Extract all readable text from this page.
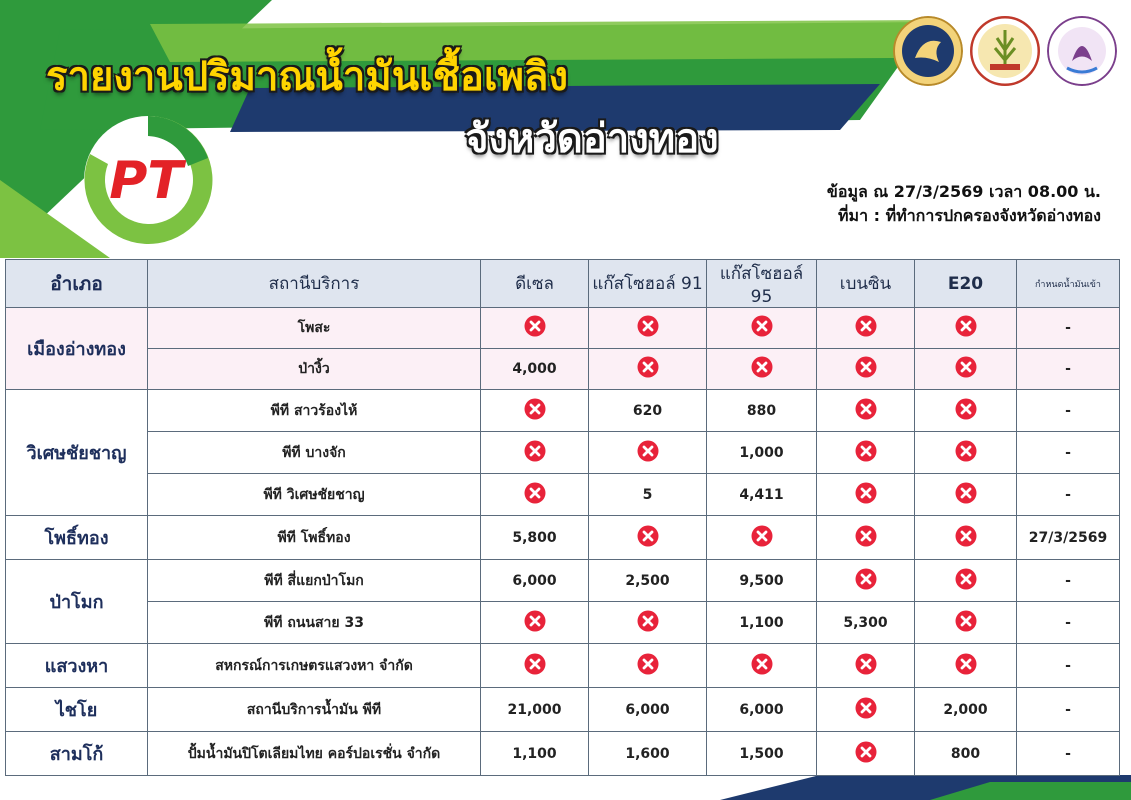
รายงานปริมาณน้ำมันเชื้อเพลิง
จังหวัดอ่างทอง
PT	ข้อมูล ณ 27/3/2569 เวลา 08.00 น.
ที่มา : ที่ทำการปกครองจังหวัดอ่างทอง
อำเภอ	สถานีบริการ	ดีเซล	แก๊สโซฮอล์ 91	แก๊สโซฮอล์ 95	เบนซิน	E20	กำหนดน้ำมันเข้า
เมืองอ่างทอง	โพสะ						-
	ป่างิ้ว	4,000					-
วิเศษชัยชาญ	พีที สาวร้องไห้		620	880			-
	พีที บางจัก			1,000			-
	พีที วิเศษชัยชาญ		5	4,411			-
โพธิ์ทอง	พีที โพธิ์ทอง	5,800					27/3/2569
ป่าโมก	พีที สี่แยกป่าโมก	6,000	2,500	9,500			-
	พีที ถนนสาย 33			1,100	5,300		-
แสวงหา	สหกรณ์การเกษตรแสวงหา จำกัด						-
ไชโย	สถานีบริการน้ำมัน พีที	21,000	6,000	6,000		2,000	-
สามโก้	ปั้มน้ำมันปิโตเลียมไทย คอร์ปอเรชั่น จำกัด	1,100	1,600	1,500		800	-
